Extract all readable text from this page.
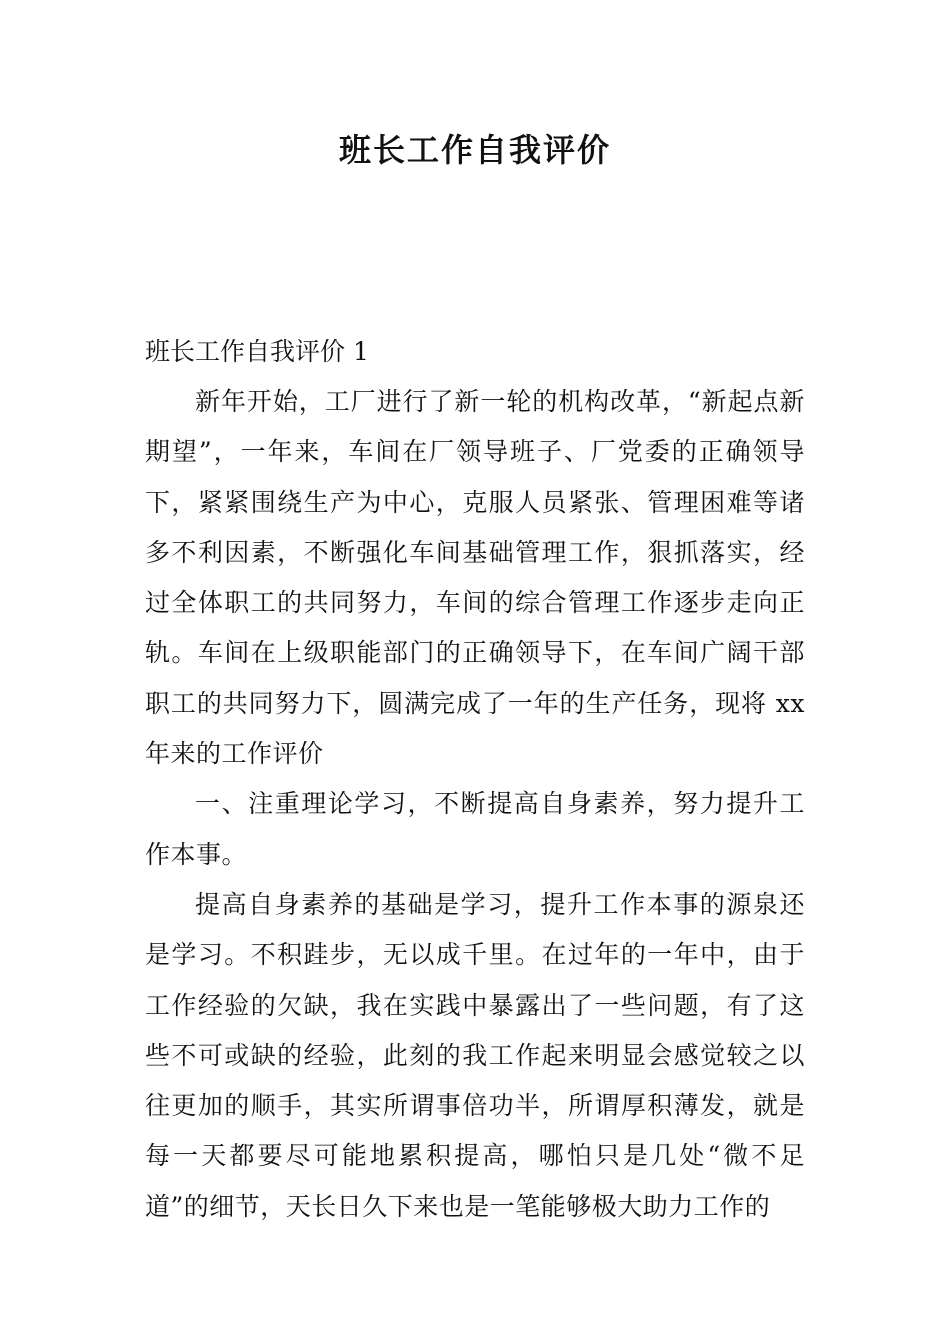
班长工作自我评价

班长工作自我评价 1

新年开始，工厂进行了新一轮的机构改革，“新起点新期望”，一年来，车间在厂领导班子、厂党委的正确领导下，紧紧围绕生产为中心，克服人员紧张、管理困难等诸多不利因素，不断强化车间基础管理工作，狠抓落实，经过全体职工的共同努力，车间的综合管理工作逐步走向正轨。车间在上级职能部门的正确领导下，在车间广阔干部职工的共同努力下，圆满完成了一年的生产任务，现将 xx 年来的工作评价

一、注重理论学习，不断提高自身素养，努力提升工作本事。

提高自身素养的基础是学习，提升工作本事的源泉还是学习。不积跬步，无以成千里。在过年的一年中，由于工作经验的欠缺，我在实践中暴露出了一些问题，有了这些不可或缺的经验，此刻的我工作起来明显会感觉较之以往更加的顺手，其实所谓事倍功半，所谓厚积薄发，就是每一天都要尽可能地累积提高，哪怕只是几处“微不足道”的细节，天长日久下来也是一笔能够极大助力工作的
